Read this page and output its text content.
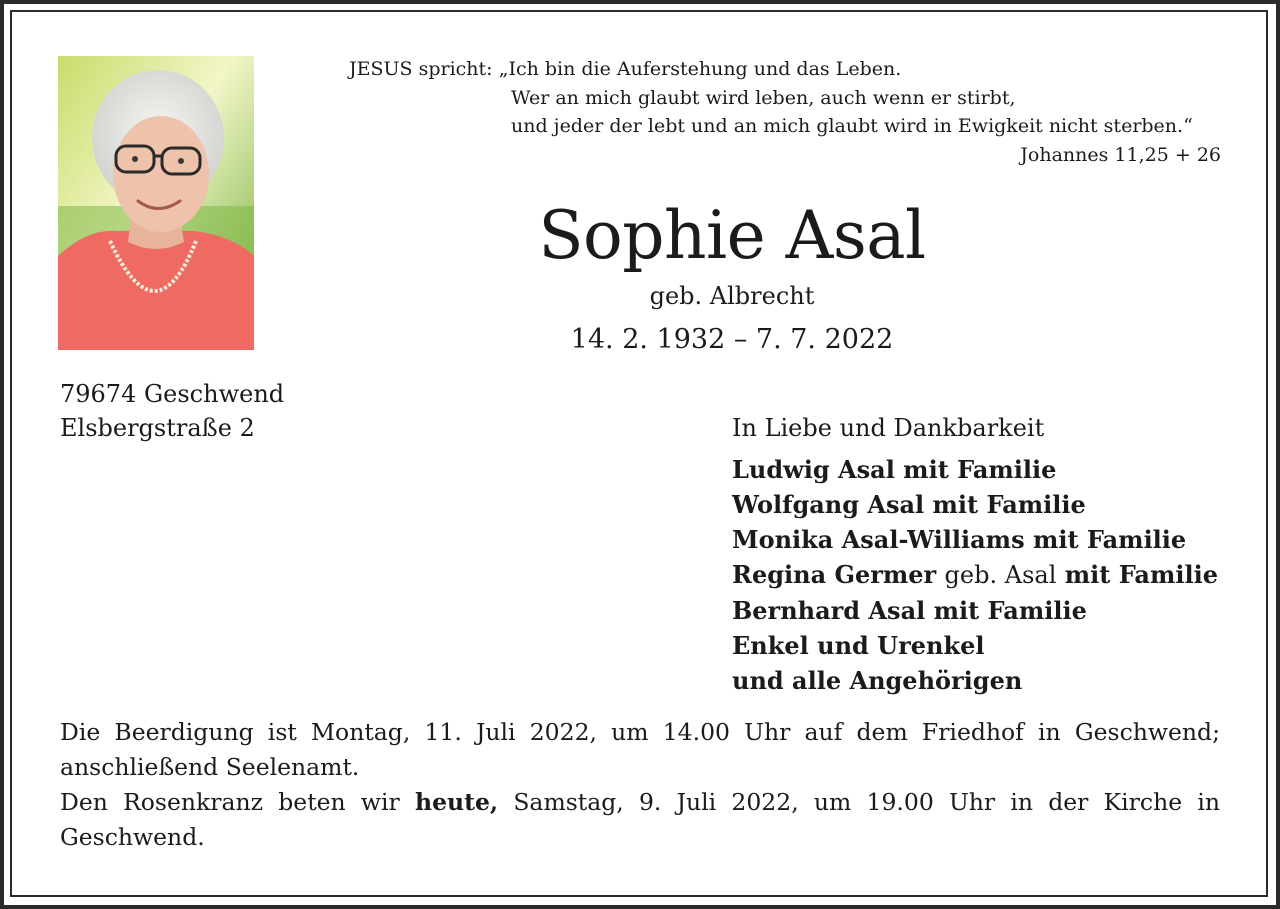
JESUS spricht: „Ich bin die Auferstehung und das Leben.
Wer an mich glaubt wird leben, auch wenn er stirbt,
und jeder der lebt und an mich glaubt wird in Ewigkeit nicht sterben.“
Johannes 11,25 + 26
Sophie Asal
geb. Albrecht
14. 2. 1932 – 7. 7. 2022
79674 Geschwend
Elsbergstraße 2	In Liebe und Dankbarkeit
Ludwig Asal mit Familie
Wolfgang Asal mit Familie
Monika Asal-Williams mit Familie
Regina Germer geb. Asal mit Familie
Bernhard Asal mit Familie
Enkel und Urenkel
und alle Angehörigen

Die Beerdigung ist Montag, 11. Juli 2022, um 14.00 Uhr auf dem Friedhof in Geschwend; anschließend Seelenamt.

Den Rosenkranz beten wir heute, Samstag, 9. Juli 2022, um 19.00 Uhr in der Kirche in Geschwend.
